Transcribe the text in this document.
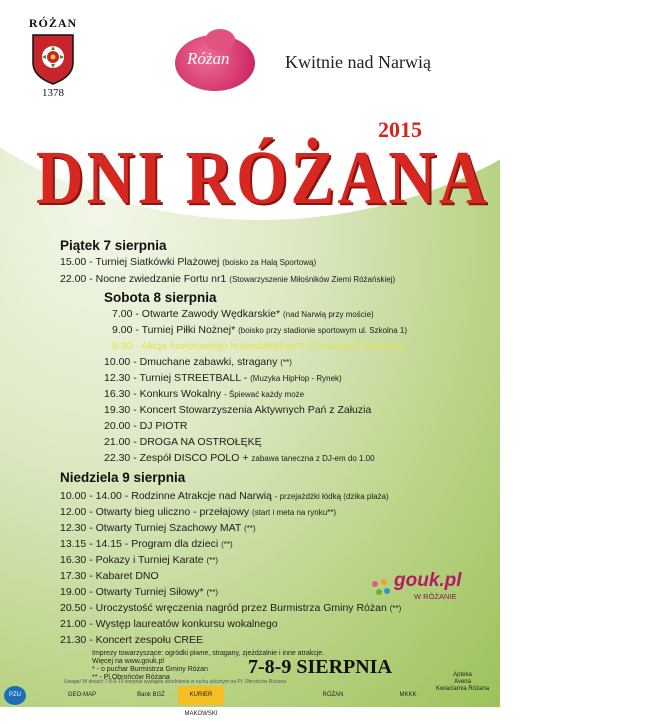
RÓŻAN
1378
Różan	Kwitnie nad Narwią
2015
DNI RÓŻANA
Piątek 7 sierpnia
15.00 - Turniej Siatkówki Plażowej (boisko za Halą Sportową)
22.00 - Nocne zwiedzanie Fortu nr1 (Stowarzyszenie Miłośników Ziemi Różańskiej)
Sobota 8 sierpnia
7.00 - Otwarte Zawody Wędkarskie* (nad Narwią przy moście)
9.00 - Turniej Piłki Nożnej* (boisko przy stadionie sportowym ul. Szkolna 1)
9.30 - Akcja honorowego krwiodawstwa** (w Publicznym Gimnazjum)
10.00 - Dmuchane zabawki, stragany (**)
12.30 - Turniej STREETBALL - (Muzyka HipHop - Rynek)
16.30 - Konkurs Wokalny - Śpiewać każdy może
19.30 - Koncert Stowarzyszenia Aktywnych Pań z Załuzia
20.00 - DJ PIOTR
21.00 - DROGA NA OSTROŁĘKĘ
22.30 - Zespół DISCO POLO + zabawa taneczna z DJ-em do 1.00
Niedziela 9 sierpnia
10.00 - 14.00 - Rodzinne Atrakcje nad Narwią - przejażdżki łódką (dzika plaża)
12.00 - Otwarty bieg uliczno - przełajowy (start i meta na rynku**)
12.30 - Otwarty Turniej Szachowy MAT (**)
13.15 - 14.15 - Program dla dzieci (**)
16.30 - Pokazy i Turniej Karate (**)
17.30 - Kabaret DNO
19.00 - Otwarty Turniej Siłowy* (**)
20.50 - Uroczystość wręczenia nagród przez Burmistrza Gminy Różan (**)
21.00 - Występ laureatów konkursu wokalnego
21.30 - Koncert zespołu CREE
Imprezy towarzyszące: ogródki piwne, stragany, zjeżdżalnie i inne atrakcje.
Więcej na www.gouk.pl
* - o puchar Burmistrza Gminy Różan
** - Pl.Obrońców Różana
gouk.pl
W RÓŻANIE
7-8-9 SIERPNIA
Uwaga! W dniach 7-8-9-10 sierpnia wystąpią utrudnienia w ruchu ulicznym na Pl. Obrońców Różana
PZU	GEO-MAP	Bank BGŻ	KURIER MAKOWSKI
RÓŻAN	MKKK
Apteka
Avena
Kwiaciarnia Różana
